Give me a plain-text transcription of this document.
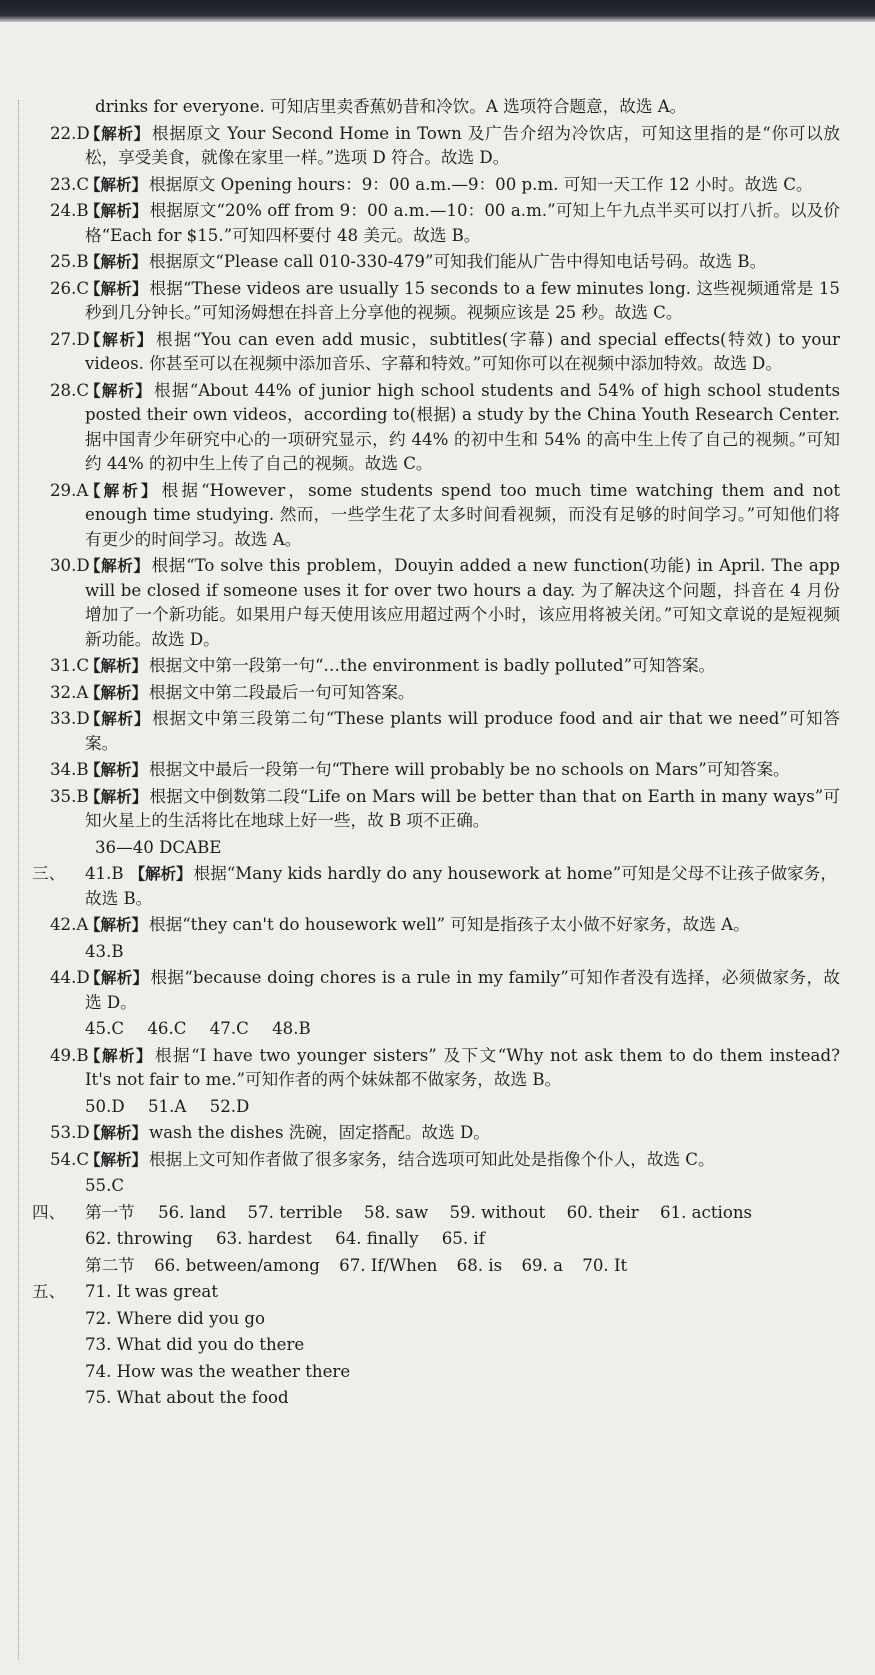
drinks for everyone. 可知店里卖香蕉奶昔和冷饮。A 选项符合题意，故选 A。
22.D
【解析】 根据原文 Your Second Home in Town 及广告介绍为冷饮店，可知这里指的是“你可以放松，享受美食，就像在家里一样。”选项 D 符合。故选 D。
23.C
【解析】 根据原文 Opening hours：9：00 a.m.—9：00 p.m. 可知一天工作 12 小时。故选 C。
24.B
【解析】 根据原文“20% off from 9：00 a.m.—10：00 a.m.”可知上午九点半买可以打八折。以及价格“Each for $15.”可知四杯要付 48 美元。故选 B。
25.B
【解析】 根据原文“Please call 010-330-479”可知我们能从广告中得知电话号码。故选 B。
26.C
【解析】 根据“These videos are usually 15 seconds to a few minutes long. 这些视频通常是 15 秒到几分钟长。”可知汤姆想在抖音上分享他的视频。视频应该是 25 秒。故选 C。
27.D
【解析】 根据“You can even add music，subtitles(字幕) and special effects(特效) to your videos. 你甚至可以在视频中添加音乐、字幕和特效。”可知你可以在视频中添加特效。故选 D。
28.C
【解析】 根据“About 44% of junior high school students and 54% of high school students posted their own videos，according to(根据) a study by the China Youth Research Center. 据中国青少年研究中心的一项研究显示，约 44% 的初中生和 54% 的高中生上传了自己的视频。”可知约 44% 的初中生上传了自己的视频。故选 C。
29.A
【解析】 根据“However，some students spend too much time watching them and not enough time studying. 然而，一些学生花了太多时间看视频，而没有足够的时间学习。”可知他们将有更少的时间学习。故选 A。
30.D
【解析】 根据“To solve this problem，Douyin added a new function(功能) in April. The app will be closed if someone uses it for over two hours a day. 为了解决这个问题，抖音在 4 月份增加了一个新功能。如果用户每天使用该应用超过两个小时，该应用将被关闭。”可知文章说的是短视频新功能。故选 D。
31.C
【解析】 根据文中第一段第一句“…the environment is badly polluted”可知答案。
32.A
【解析】 根据文中第二段最后一句可知答案。
33.D
【解析】 根据文中第三段第二句“These plants will produce food and air that we need”可知答案。
34.B
【解析】 根据文中最后一段第一句“There will probably be no schools on Mars”可知答案。
35.B
【解析】 根据文中倒数第二段“Life on Mars will be better than that on Earth in many ways”可知火星上的生活将比在地球上好一些，故 B 项不正确。
36—40 DCABE
三、 41.B 【解析】 根据“Many kids hardly do any housework at home”可知是父母不让孩子做家务，故选 B。
42.A
【解析】 根据“they can't do housework well” 可知是指孩子太小做不好家务，故选 A。
43.B
44.D
【解析】 根据“because doing chores is a rule in my family”可知作者没有选择，必须做家务，故选 D。
45.C 46.C 47.C 48.B
49.B
【解析】 根据“I have two younger sisters” 及下文“Why not ask them to do them instead? It's not fair to me.”可知作者的两个妹妹都不做家务，故选 B。
50.D 51.A 52.D
53.D
【解析】 wash the dishes 洗碗，固定搭配。故选 D。
54.C
【解析】 根据上文可知作者做了很多家务，结合选项可知此处是指像个仆人，故选 C。
55.C
四、 第一节 56. land 57. terrible 58. saw 59. without 60. their 61. actions
62. throwing 63. hardest 64. finally 65. if
第二节 66. between/among 67. If/When 68. is 69. a 70. It
五、 71. It was great
72. Where did you go
73. What did you do there
74. How was the weather there
75. What about the food
